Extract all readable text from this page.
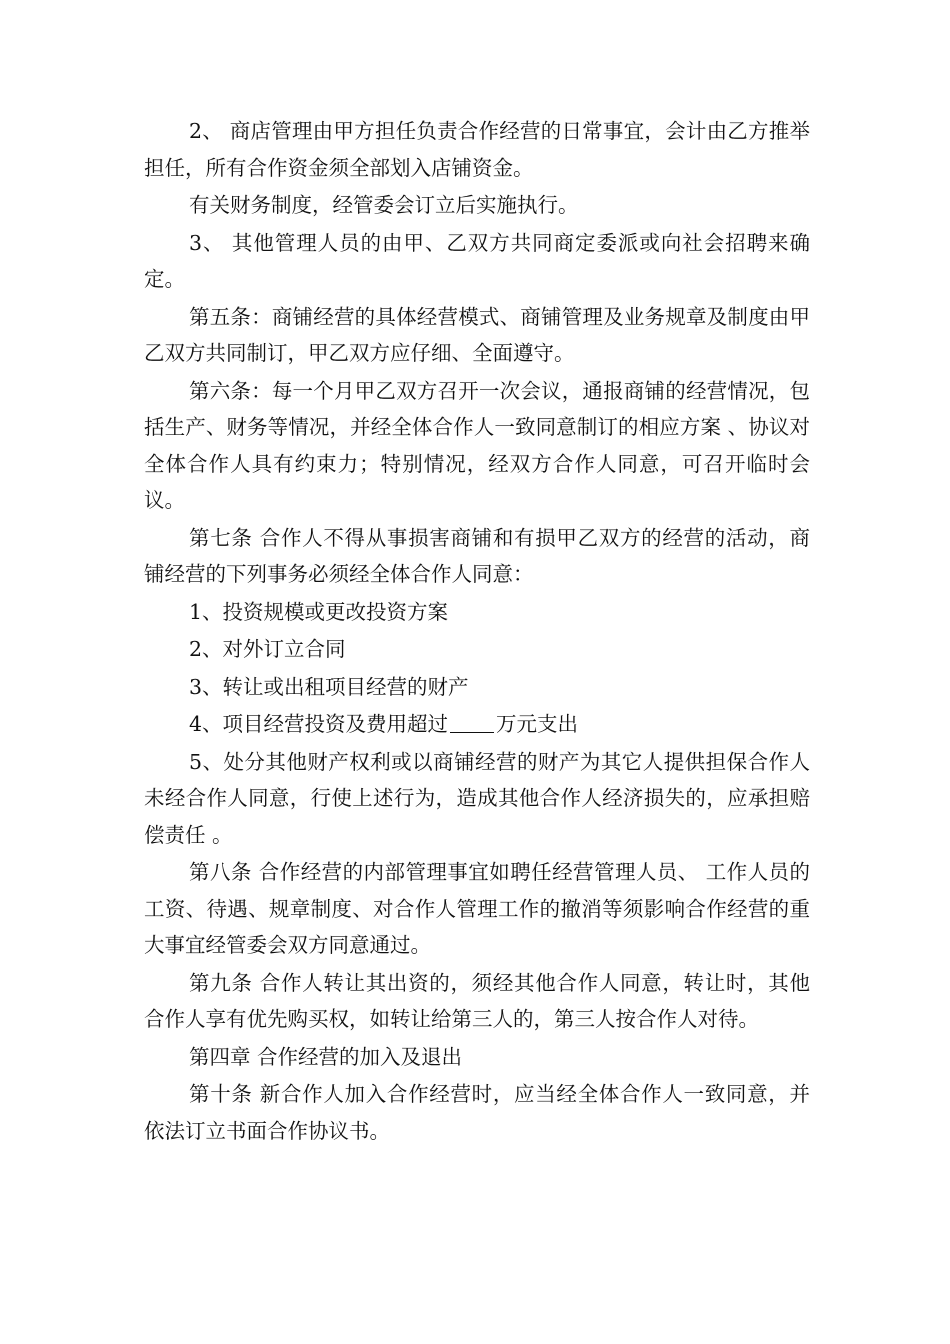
2、 商店管理由甲方担任负责合作经营的日常事宜，会计由乙方推举担任，所有合作资金须全部划入店铺资金。

有关财务制度，经管委会订立后实施执行。

3、 其他管理人员的由甲、乙双方共同商定委派或向社会招聘来确定。

第五条：商铺经营的具体经营模式、商铺管理及业务规章及制度由甲乙双方共同制订，甲乙双方应仔细、全面遵守。

第六条：每一个月甲乙双方召开一次会议，通报商铺的经营情况，包括生产、财务等情况，并经全体合作人一致同意制订的相应方案 、协议对全体合作人具有约束力；特别情况，经双方合作人同意，可召开临时会议。

第七条 合作人不得从事损害商铺和有损甲乙双方的经营的活动，商铺经营的下列事务必须经全体合作人同意：

1、投资规模或更改投资方案

2、对外订立合同

3、转让或出租项目经营的财产

4、项目经营投资及费用超过 万元支出

5、处分其他财产权利或以商铺经营的财产为其它人提供担保合作人未经合作人同意，行使上述行为，造成其他合作人经济损失的，应承担赔偿责任 。

第八条 合作经营的内部管理事宜如聘任经营管理人员、 工作人员的工资、待遇、规章制度、对合作人管理工作的撤消等须影响合作经营的重大事宜经管委会双方同意通过。

第九条 合作人转让其出资的，须经其他合作人同意，转让时，其他合作人享有优先购买权，如转让给第三人的，第三人按合作人对待。

第四章 合作经营的加入及退出

第十条 新合作人加入合作经营时，应当经全体合作人一致同意，并依法订立书面合作协议书。
